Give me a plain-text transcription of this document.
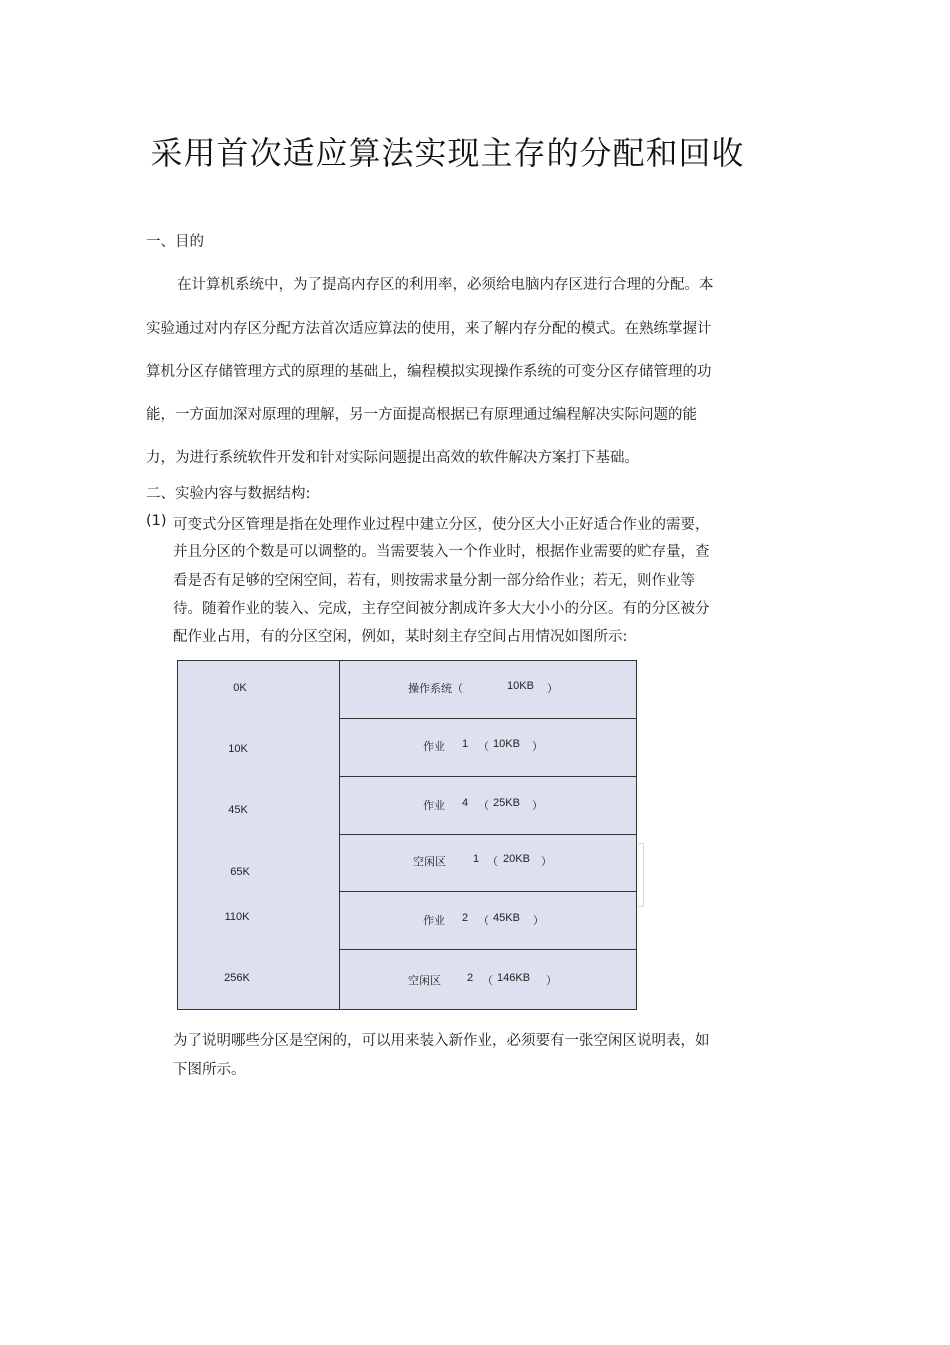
采用首次适应算法实现主存的分配和回收
一、目的
在计算机系统中，为了提高内存区的利用率，必须给电脑内存区进行合理的分配。本
实验通过对内存区分配方法首次适应算法的使用，来了解内存分配的模式。在熟练掌握计
算机分区存储管理方式的原理的基础上，编程模拟实现操作系统的可变分区存储管理的功
能，一方面加深对原理的理解，另一方面提高根据已有原理通过编程解决实际问题的能
力，为进行系统软件开发和针对实际问题提出高效的软件解决方案打下基础。
二、实验内容与数据结构:
(1) 可变式分区管理是指在处理作业过程中建立分区，使分区大小正好适合作业的需要，
并且分区的个数是可以调整的。当需要装入一个作业时，根据作业需要的贮存量，查
看是否有足够的空闲空间，若有，则按需求量分割一部分给作业；若无，则作业等
待。随着作业的装入、完成，主存空间被分割成许多大大小小的分区。有的分区被分
配作业占用，有的分区空闲，例如，某时刻主存空间占用情况如图所示:
0K
10K
45K
65K
110K
256K
操作系统（	10KB ）
作业 1 （ 10KB ）
作业 4 （ 25KB ）
空闲区 1 （ 20KB ）
作业 2 （ 45KB ）
空闲区 2 （ 146KB ）
为了说明哪些分区是空闲的，可以用来装入新作业，必须要有一张空闲区说明表，如
下图所示。
